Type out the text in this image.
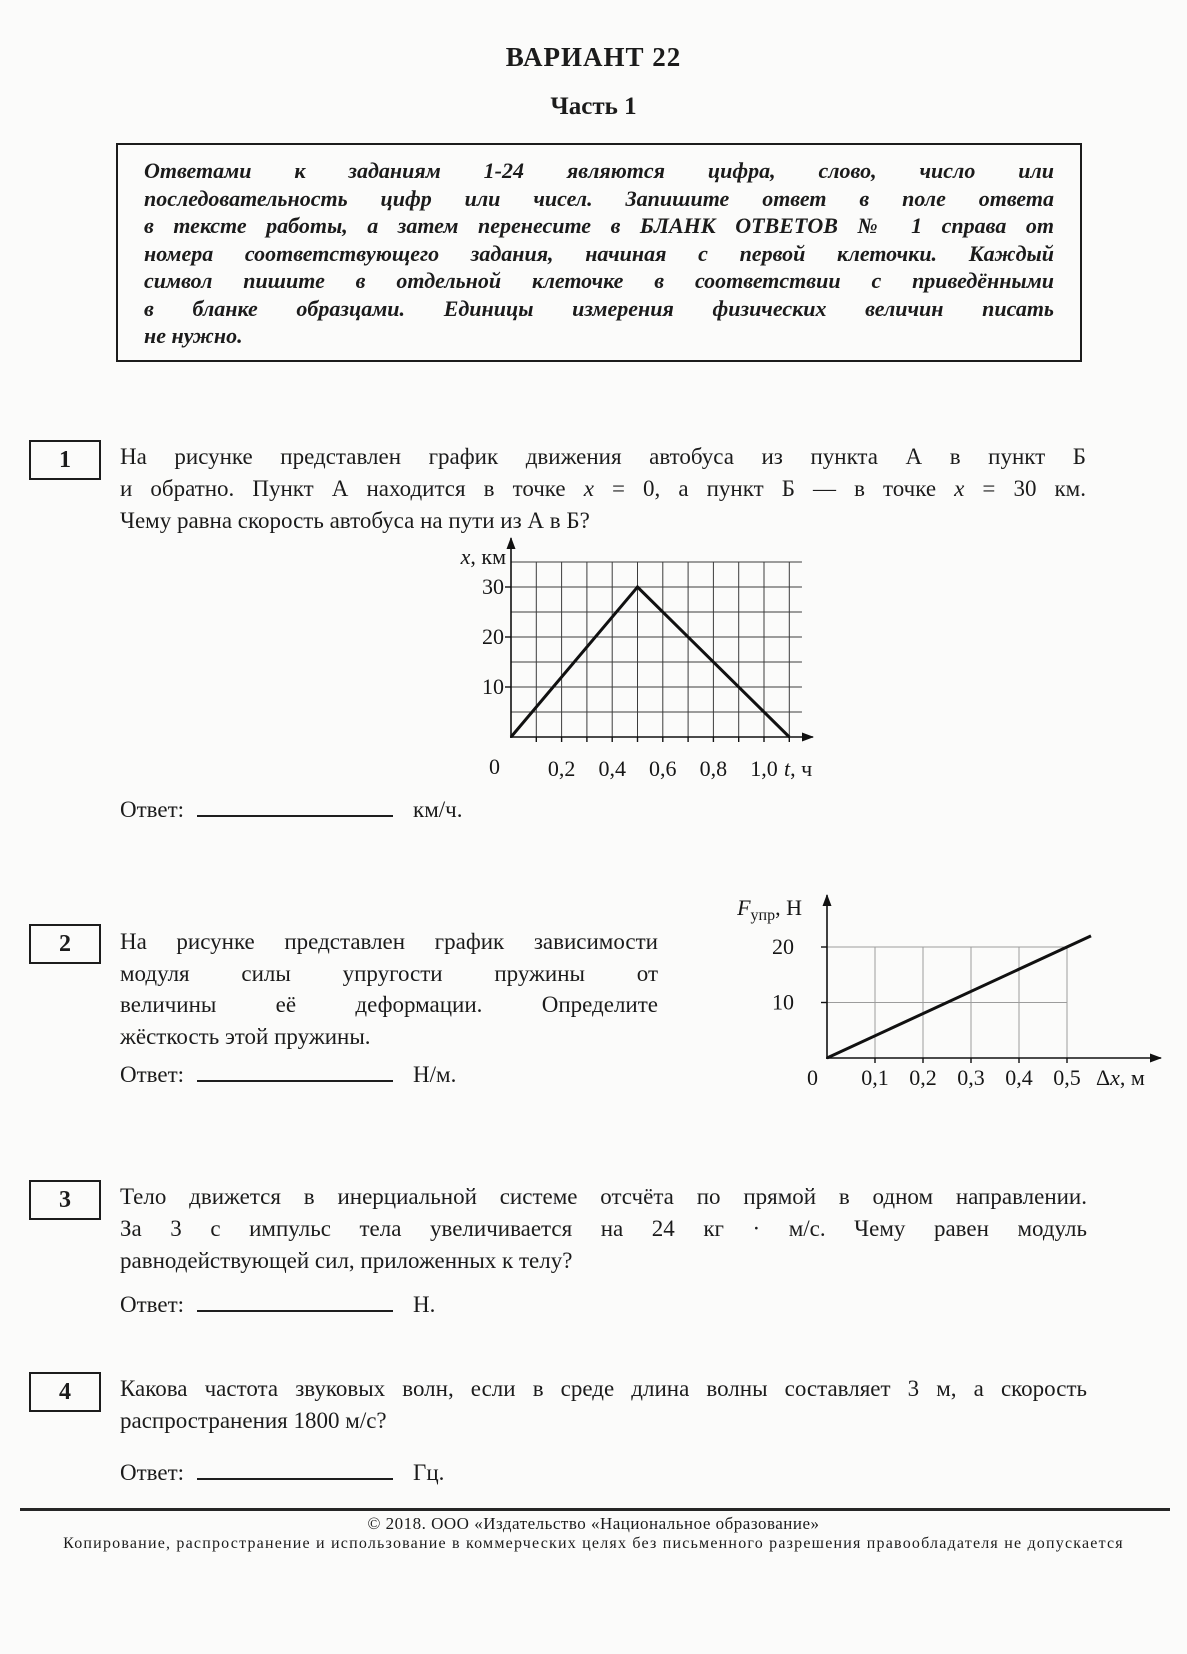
ВАРИАНТ 22
Часть 1
Ответами к заданиям 1-24 являются цифра, слово, число или
последовательность цифр или чисел. Запишите ответ в поле ответа
в тексте работы, а затем перенесите в БЛАНК ОТВЕТОВ № 1 справа от
номера соответствующего задания, начиная с первой клеточки. Каждый
символ пишите в отдельной клеточке в соответствии с приведёнными
в бланке образцами. Единицы измерения физических величин писать
не нужно.
1 На рисунке представлен график движения автобуса из пункта А в пункт Б
и обратно. Пункт А находится в точке x = 0, а пункт Б — в точке x = 30 км.
Чему равна скорость автобуса на пути из А в Б?
0,2 0,4 0,6 0,8 1,0
10
20
30
0	t, ч
x, км
Ответ:	км/ч.
2 На рисунке представлен график зависимости
модуля силы упругости пружины от
величины её деформации. Определите
жёсткость этой пружины.
0,1 0,2 0,3 0,4 0,5
10
20
0	Δx, м
$F_{упр}$, Н
Ответ:	Н/м.
3 Тело движется в инерциальной системе отсчёта по прямой в одном направлении.
За 3 с импульс тела увеличивается на 24 кг · м/с. Чему равен модуль
равнодействующей сил, приложенных к телу?
Ответ:	Н.
4 Какова частота звуковых волн, если в среде длина волны составляет 3 м, а скорость
распространения 1800 м/с?
Ответ:	Гц.
© 2018. ООО «Издательство «Национальное образование»
Копирование, распространение и использование в коммерческих целях без письменного разрешения правообладателя не допускается
